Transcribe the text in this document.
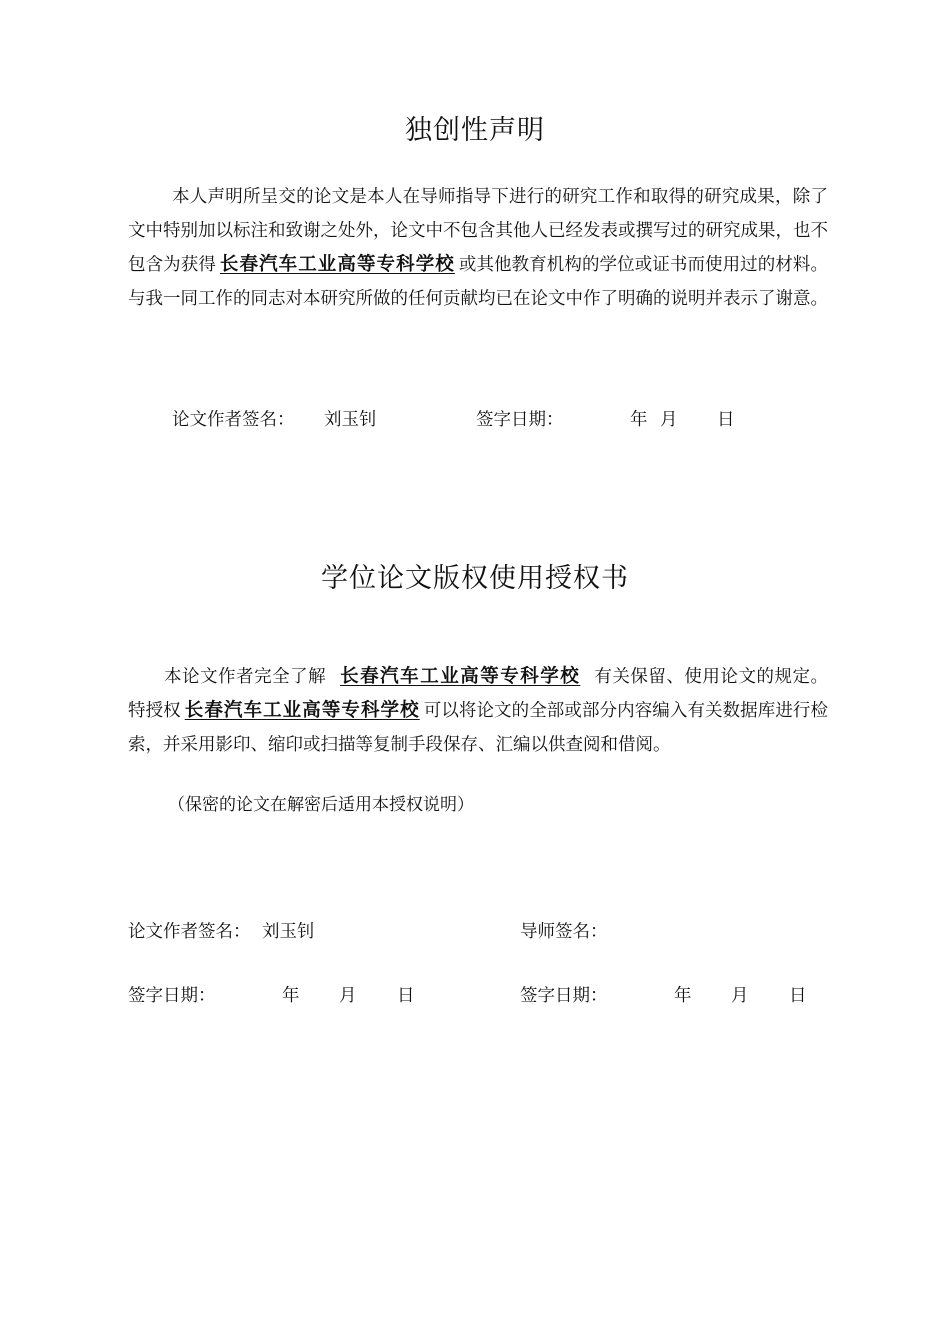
独创性声明

本人声明所呈交的论文是本人在导师指导下进行的研究工作和取得的研究成果，除了文中特别加以标注和致谢之处外，论文中不包含其他人已经发表或撰写过的研究成果，也不包含为获得 长春汽车工业高等专科学校 或其他教育机构的学位或证书而使用过的材料。与我一同工作的同志对本研究所做的任何贡献均已在论文中作了明确的说明并表示了谢意。

论文作者签名： 刘玉钊	签字日期：	年 月 日
学位论文版权使用授权书

本论文作者完全了解 长春汽车工业高等专科学校 有关保留、使用论文的规定。特授权 长春汽车工业高等专科学校 可以将论文的全部或部分内容编入有关数据库进行检索，并采用影印、缩印或扫描等复制手段保存、汇编以供查阅和借阅。

（保密的论文在解密后适用本授权说明）

论文作者签名： 刘玉钊	导师签名：
签字日期：	年 月 日	签字日期：	年 月 日
